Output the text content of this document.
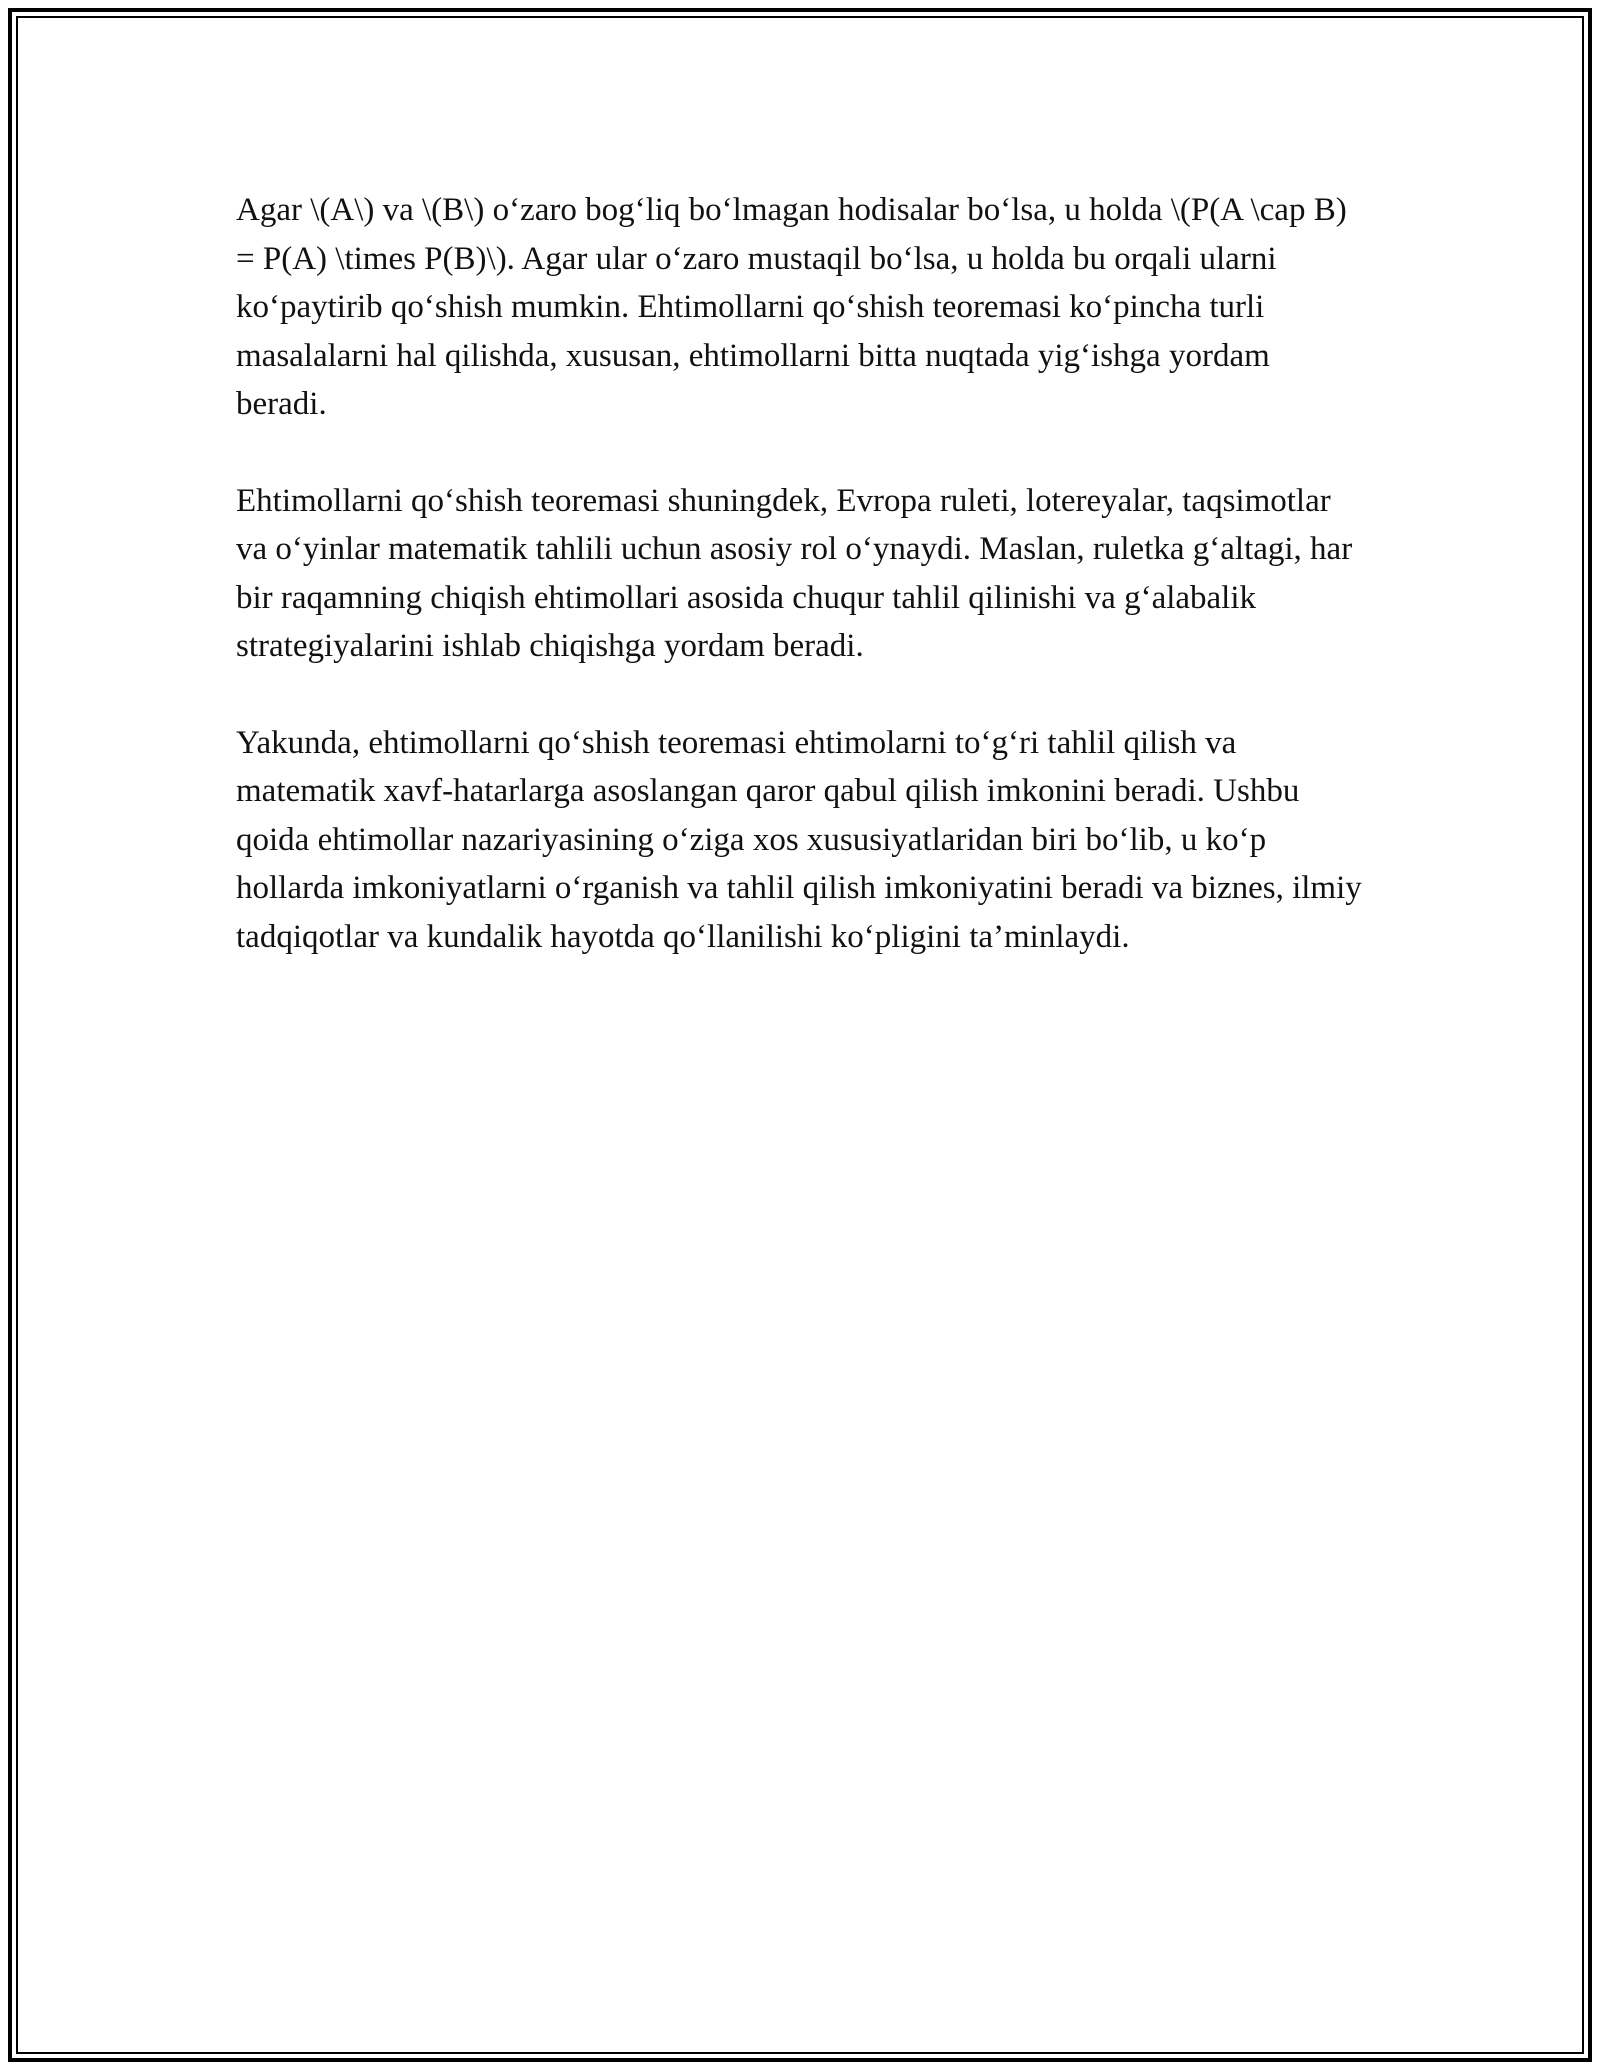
Agar \(A\) va \(B\) o‘zaro bog‘liq bo‘lmagan hodisalar bo‘lsa, u holda \(P(A \cap B) = P(A) \times P(B)\). Agar ular o‘zaro mustaqil bo‘lsa, u holda bu orqali ularni ko‘paytirib qo‘shish mumkin. Ehtimollarni qo‘shish teoremasi ko‘pincha turli masalalarni hal qilishda, xususan, ehtimollarni bitta nuqtada yig‘ishga yordam beradi.

Ehtimollarni qo‘shish teoremasi shuningdek, Evropa ruleti, lotereyalar, taqsimotlar va o‘yinlar matematik tahlili uchun asosiy rol o‘ynaydi. Maslan, ruletka g‘altagi, har bir raqamning chiqish ehtimollari asosida chuqur tahlil qilinishi va g‘alabalik strategiyalarini ishlab chiqishga yordam beradi.

Yakunda, ehtimollarni qo‘shish teoremasi ehtimolarni to‘g‘ri tahlil qilish va matematik xavf-hatarlarga asoslangan qaror qabul qilish imkonini beradi. Ushbu qoida ehtimollar nazariyasining o‘ziga xos xususiyatlaridan biri bo‘lib, u ko‘p hollarda imkoniyatlarni o‘rganish va tahlil qilish imkoniyatini beradi va biznes, ilmiy tadqiqotlar va kundalik hayotda qo‘llanilishi ko‘pligini ta’minlaydi.
